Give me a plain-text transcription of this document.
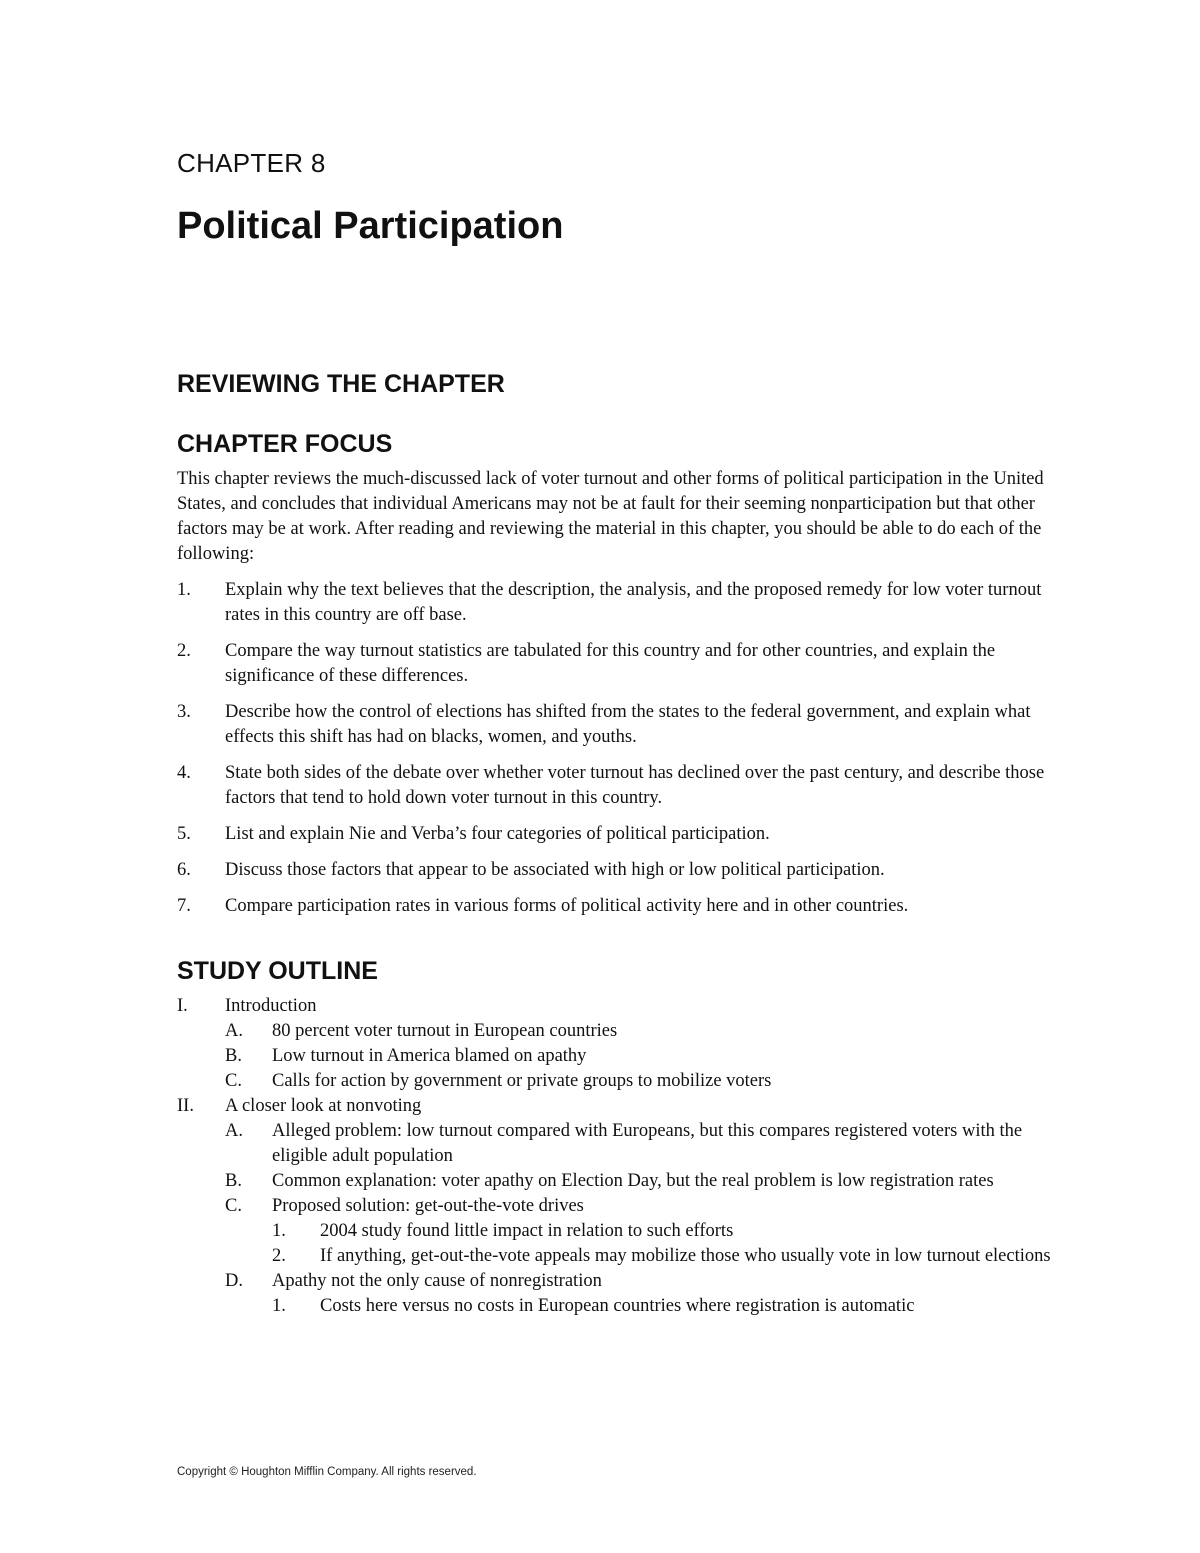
CHAPTER 8
Political Participation
REVIEWING THE CHAPTER
CHAPTER FOCUS

This chapter reviews the much-discussed lack of voter turnout and other forms of political participation in the United States, and concludes that individual Americans may not be at fault for their seeming nonparticipation but that other factors may be at work. After reading and reviewing the material in this chapter, you should be able to do each of the following:

1. Explain why the text believes that the description, the analysis, and the proposed remedy for low voter turnout rates in this country are off base.
2. Compare the way turnout statistics are tabulated for this country and for other countries, and explain the significance of these differences.
3. Describe how the control of elections has shifted from the states to the federal government, and explain what effects this shift has had on blacks, women, and youths.
4. State both sides of the debate over whether voter turnout has declined over the past century, and describe those factors that tend to hold down voter turnout in this country.
5. List and explain Nie and Verba’s four categories of political participation.
6. Discuss those factors that appear to be associated with high or low political participation.
7. Compare participation rates in various forms of political activity here and in other countries.
STUDY OUTLINE
I. Introduction
A. 80 percent voter turnout in European countries
B. Low turnout in America blamed on apathy
C. Calls for action by government or private groups to mobilize voters
II. A closer look at nonvoting
A. Alleged problem: low turnout compared with Europeans, but this compares registered voters with the eligible adult population
B. Common explanation: voter apathy on Election Day, but the real problem is low registration rates
C. Proposed solution: get-out-the-vote drives
1. 2004 study found little impact in relation to such efforts
2. If anything, get-out-the-vote appeals may mobilize those who usually vote in low turnout elections
D. Apathy not the only cause of nonregistration
1. Costs here versus no costs in European countries where registration is automatic
Copyright © Houghton Mifflin Company. All rights reserved.
